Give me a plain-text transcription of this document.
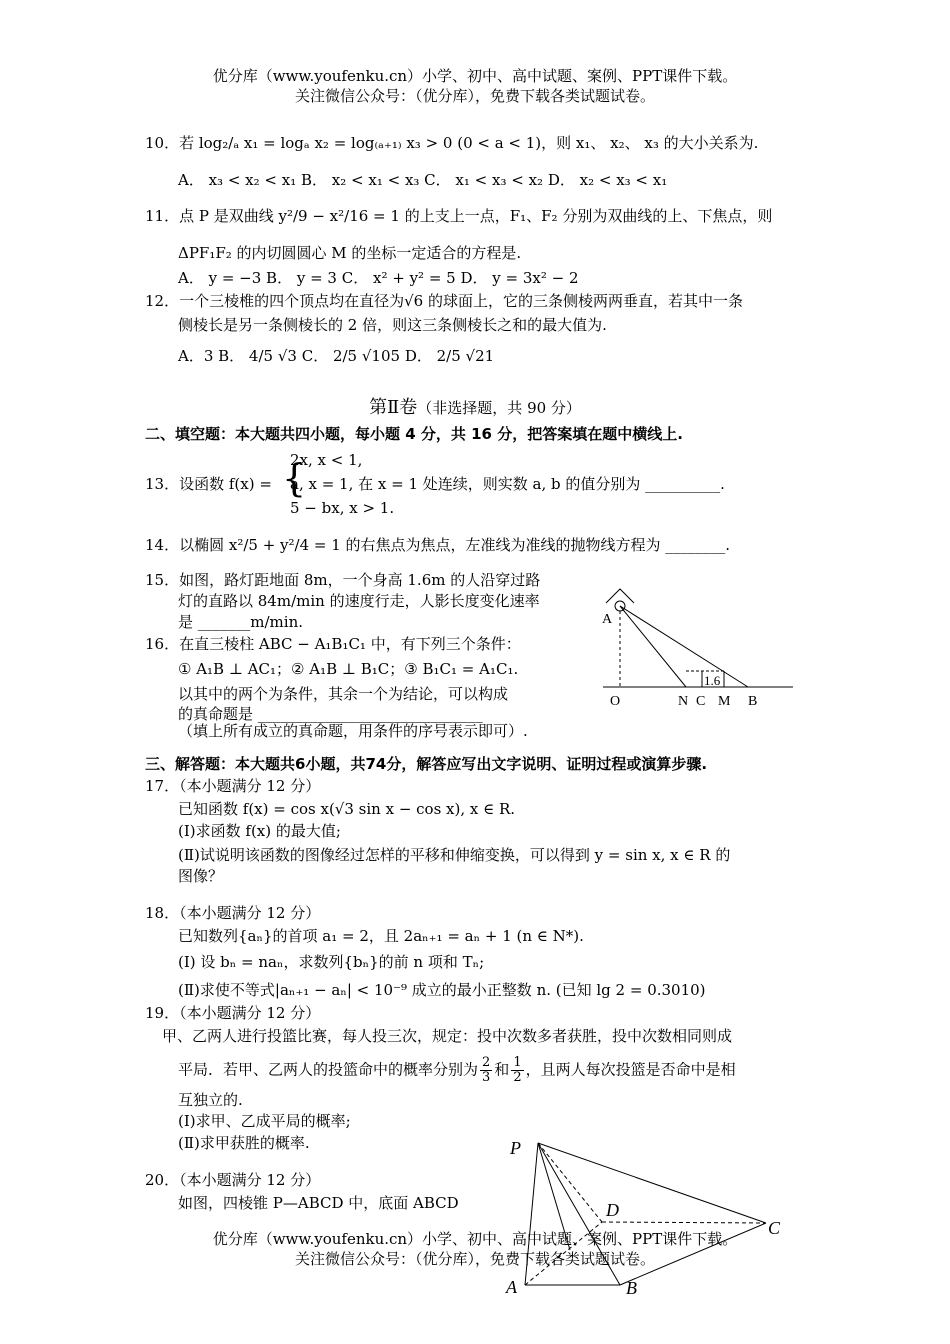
优分库（www.youfenku.cn）小学、初中、高中试题、案例、PPT课件下载。
关注微信公众号：（优分库），免费下载各类试题试卷。
10．若 log₂/ₐ x₁ = logₐ x₂ = log₍ₐ₊₁₎ x₃ > 0 (0 < a < 1)，则 x₁、 x₂、 x₃ 的大小关系为.
A． x₃ < x₂ < x₁ B． x₂ < x₁ < x₃ C． x₁ < x₃ < x₂ D． x₂ < x₃ < x₁
11．点 P 是双曲线 y²/9 − x²/16 = 1 的上支上一点，F₁、F₂ 分别为双曲线的上、下焦点，则
ΔPF₁F₂ 的内切圆圆心 M 的坐标一定适合的方程是.
A． y = −3 B． y = 3 C． x² + y² = 5 D． y = 3x² − 2
12．一个三棱椎的四个顶点均在直径为√6 的球面上，它的三条侧棱两两垂直，若其中一条
侧棱长是另一条侧棱长的 2 倍，则这三条侧棱长之和的最大值为.
A．3 B． 4/5 √3 C． 2/5 √105 D． 2/5 √21
第Ⅱ卷（非选择题，共 90 分）
二、填空题：本大题共四小题，每小题 4 分，共 16 分，把答案填在题中横线上.
13．设函数 f(x) = {
2x, x < 1,
a, x = 1, 在 x = 1 处连续，则实数 a, b 的值分别为 __________.
5 − bx, x > 1.
14．以椭圆 x²/5 + y²/4 = 1 的右焦点为焦点，左准线为准线的抛物线方程为 ________.
15．如图，路灯距地面 8m，一个身高 1.6m 的人沿穿过路
灯的直路以 84m/min 的速度行走，人影长度变化速率
是 _______m/min.
16．在直三棱柱 ABC − A₁B₁C₁ 中，有下列三个条件：
① A₁B ⊥ AC₁；② A₁B ⊥ B₁C；③ B₁C₁ = A₁C₁.
以其中的两个为条件，其余一个为结论，可以构成
的真命题是 ______________________________
（填上所有成立的真命题，用条件的序号表示即可）.
A
O	N C M B
1.6
三、解答题：本大题共6小题，共74分，解答应写出文字说明、证明过程或演算步骤.
17．（本小题满分 12 分）
已知函数 f(x) = cos x(√3 sin x − cos x), x ∈ R.
(Ⅰ)求函数 f(x) 的最大值;
(Ⅱ)试说明该函数的图像经过怎样的平移和伸缩变换，可以得到 y = sin x, x ∈ R 的
图像？
18．（本小题满分 12 分）
已知数列{aₙ}的首项 a₁ = 2，且 2aₙ₊₁ = aₙ + 1 (n ∈ N*).
(Ⅰ) 设 bₙ = naₙ，求数列{bₙ}的前 n 项和 Tₙ;
(Ⅱ)求使不等式|aₙ₊₁ − aₙ| < 10⁻⁹ 成立的最小正整数 n. (已知 lg 2 = 0.3010)
19．（本小题满分 12 分）
甲、乙两人进行投篮比赛，每人投三次，规定：投中次数多者获胜，投中次数相同则成
平局．若甲、乙两人的投篮命中的概率分别为 $\frac{2}{3}$ 和 $\frac{1}{2}$ ，且两人每次投篮是否命中是相
互独立的.
(Ⅰ)求甲、乙成平局的概率;
(Ⅱ)求甲获胜的概率.
20．（本小题满分 12 分）
如图，四棱锥 P—ABCD 中，底面 ABCD
P
D
C
A	B
优分库（www.youfenku.cn）小学、初中、高中试题、案例、PPT课件下载。
关注微信公众号：（优分库），免费下载各类试题试卷。
